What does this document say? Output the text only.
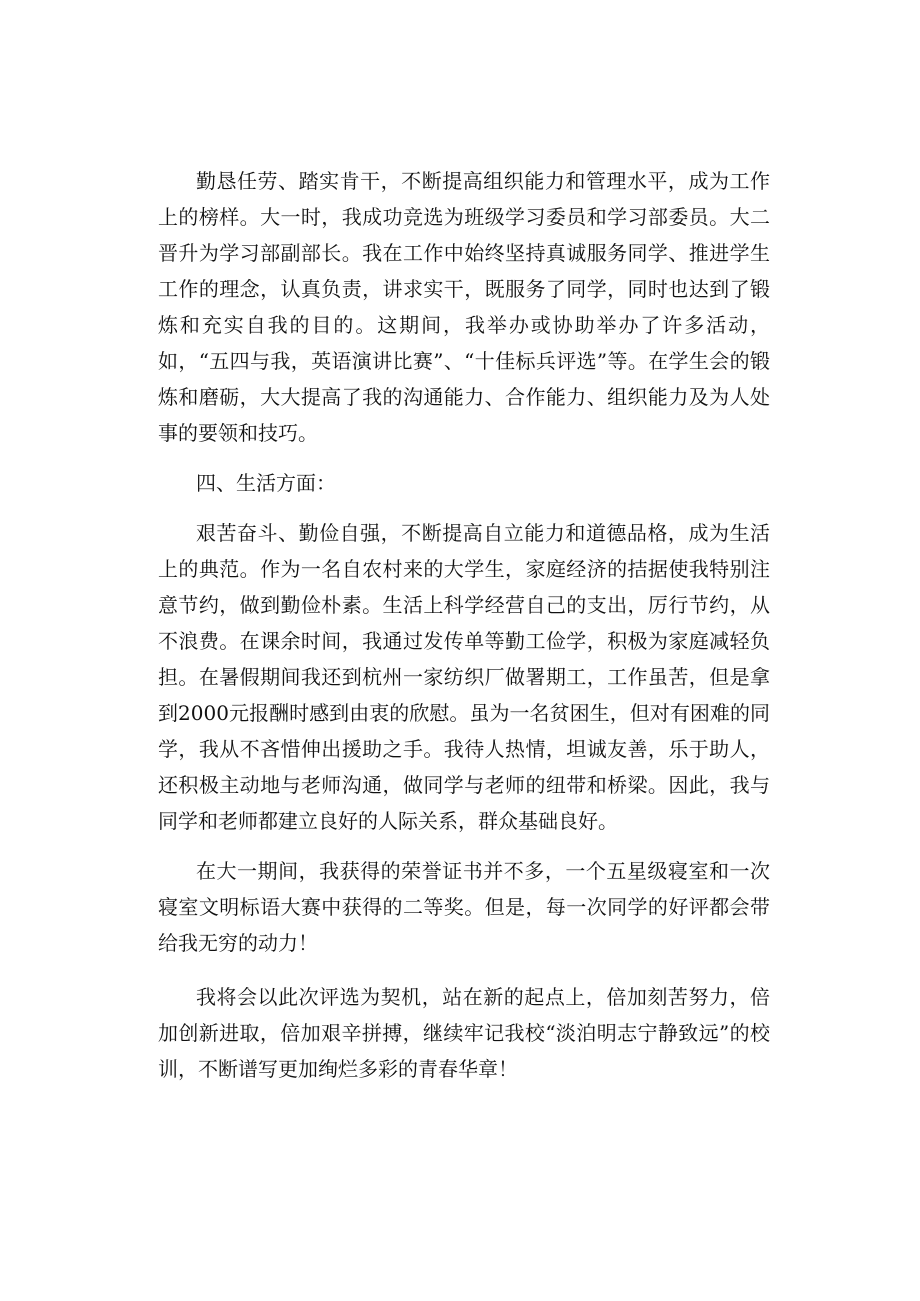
勤恳任劳、踏实肯干，不断提高组织能力和管理水平，成为工作上的榜样。大一时，我成功竞选为班级学习委员和学习部委员。大二晋升为学习部副部长。我在工作中始终坚持真诚服务同学、推进学生工作的理念，认真负责，讲求实干，既服务了同学，同时也达到了锻炼和充实自我的目的。这期间，我举办或协助举办了许多活动，如，“五四与我，英语演讲比赛”、“十佳标兵评选”等。在学生会的锻炼和磨砺，大大提高了我的沟通能力、合作能力、组织能力及为人处事的要领和技巧。

四、生活方面：

艰苦奋斗、勤俭自强，不断提高自立能力和道德品格，成为生活上的典范。作为一名自农村来的大学生，家庭经济的拮据使我特别注意节约，做到勤俭朴素。生活上科学经营自己的支出，厉行节约，从不浪费。在课余时间，我通过发传单等勤工俭学，积极为家庭减轻负担。在暑假期间我还到杭州一家纺织厂做署期工，工作虽苦，但是拿到2000元报酬时感到由衷的欣慰。虽为一名贫困生，但对有困难的同学，我从不吝惜伸出援助之手。我待人热情，坦诚友善，乐于助人，还积极主动地与老师沟通，做同学与老师的纽带和桥梁。因此，我与同学和老师都建立良好的人际关系，群众基础良好。

在大一期间，我获得的荣誉证书并不多，一个五星级寝室和一次寝室文明标语大赛中获得的二等奖。但是，每一次同学的好评都会带给我无穷的动力！

我将会以此次评选为契机，站在新的起点上，倍加刻苦努力，倍加创新进取，倍加艰辛拼搏，继续牢记我校“淡泊明志宁静致远”的校训，不断谱写更加绚烂多彩的青春华章！
